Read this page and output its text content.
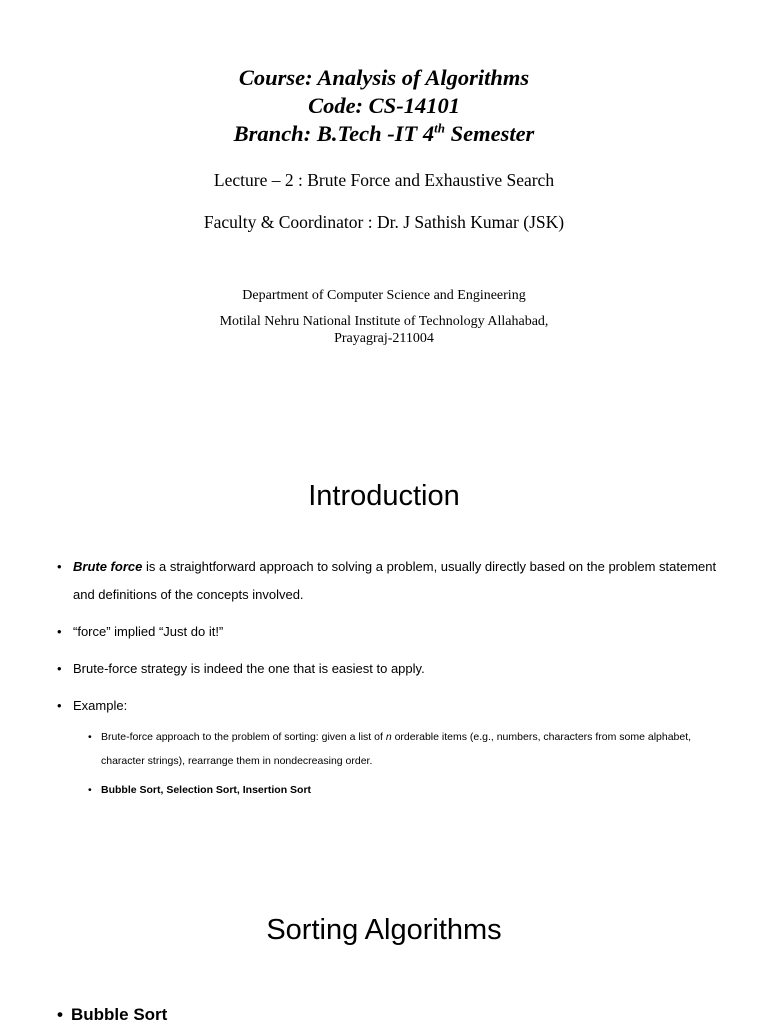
Course: Analysis of Algorithms
Code: CS-14101
Branch: B.Tech -IT 4th Semester
Lecture – 2 : Brute Force and Exhaustive Search
Faculty & Coordinator : Dr. J Sathish Kumar (JSK)
Department of Computer Science and Engineering
Motilal Nehru National Institute of Technology Allahabad,
Prayagraj-211004
Introduction
• Brute force is a straightforward approach to solving a problem, usually directly based on the problem statement and definitions of the concepts involved.
• “force” implied “Just do it!”
• Brute-force strategy is indeed the one that is easiest to apply.
• Example:
• Brute-force approach to the problem of sorting: given a list of n orderable items (e.g., numbers, characters from some alphabet, character strings), rearrange them in nondecreasing order.
• Bubble Sort, Selection Sort, Insertion Sort
Sorting Algorithms
• Bubble Sort
